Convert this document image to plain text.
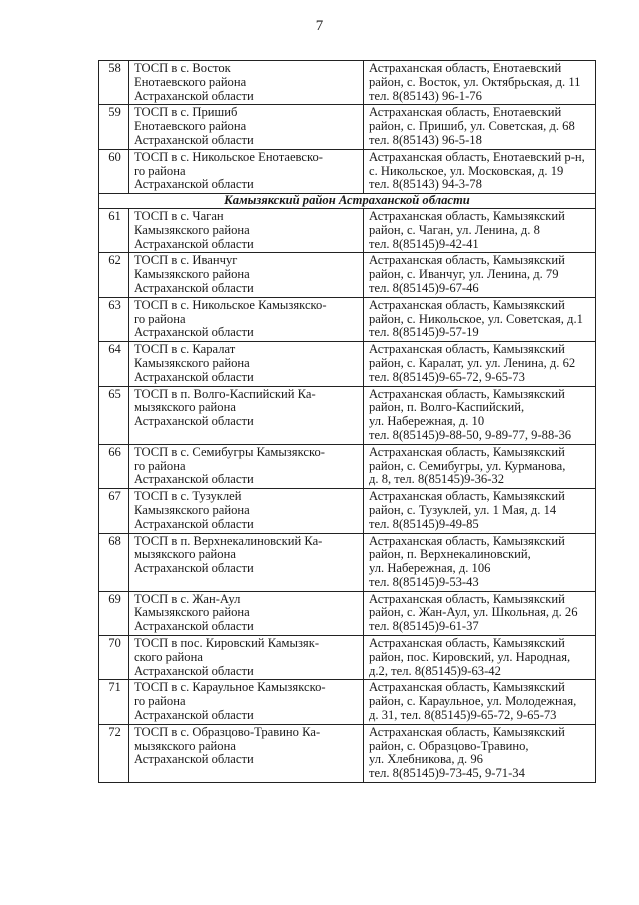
7
58	ТОСП в с. Восток
Енотаевского района
Астраханской области	Астраханская область, Енотаевский
район, с. Восток, ул. Октябрьская, д. 11
тел. 8(85143) 96-1-76

59	ТОСП в с. Пришиб
Енотаевского района
Астраханской области	Астраханская область, Енотаевский
район, с. Пришиб, ул. Советская, д. 68
тел. 8(85143) 96-5-18

60	ТОСП в с. Никольское Енотаевско-
го района
Астраханской области	Астраханская область, Енотаевский р-н,
с. Никольское, ул. Московская, д. 19
тел. 8(85143) 94-3-78

Камызякский район Астраханской области		
61	ТОСП в с. Чаган
Камызякского района
Астраханской области	Астраханская область, Камызякский
район, с. Чаган, ул. Ленина, д. 8
тел. 8(85145)9-42-41

62	ТОСП в с. Иванчуг
Камызякского района
Астраханской области	Астраханская область, Камызякский
район, с. Иванчуг, ул. Ленина, д. 79
тел. 8(85145)9-67-46

63	ТОСП в с. Никольское Камызякско-
го района
Астраханской области	Астраханская область, Камызякский
район, с. Никольское, ул. Советская, д.1
тел. 8(85145)9-57-19

64	ТОСП в с. Каралат
Камызякского района
Астраханской области	Астраханская область, Камызякский
район, с. Каралат, ул. ул. Ленина, д. 62
тел. 8(85145)9-65-72, 9-65-73

65	ТОСП в п. Волго-Каспийский Ка-
мызякского района
Астраханской области	Астраханская область, Камызякский
район, п. Волго-Каспийский,
ул. Набережная, д. 10
тел. 8(85145)9-88-50, 9-89-77, 9-88-36

66	ТОСП в с. Семибугры Камызякско-
го района
Астраханской области	Астраханская область, Камызякский
район, с. Семибугры, ул. Курманова,
д. 8, тел. 8(85145)9-36-32

67	ТОСП в с. Тузуклей
Камызякского района
Астраханской области	Астраханская область, Камызякский
район, с. Тузуклей, ул. 1 Мая, д. 14
тел. 8(85145)9-49-85

68	ТОСП в п. Верхнекалиновский Ка-
мызякского района
Астраханской области	Астраханская область, Камызякский
район, п. Верхнекалиновский,
ул. Набережная, д. 106
тел. 8(85145)9-53-43

69	ТОСП в с. Жан-Аул
Камызякского района
Астраханской области	Астраханская область, Камызякский
район, с. Жан-Аул, ул. Школьная, д. 26
тел. 8(85145)9-61-37

70	ТОСП в пос. Кировский Камызяк-
ского района
Астраханской области	Астраханская область, Камызякский
район, пос. Кировский, ул. Народная,
д.2, тел. 8(85145)9-63-42

71	ТОСП в с. Караульное Камызякско-
го района
Астраханской области	Астраханская область, Камызякский
район, с. Караульное, ул. Молодежная,
д. 31, тел. 8(85145)9-65-72, 9-65-73

72	ТОСП в с. Образцово-Травино Ка-
мызякского района
Астраханской области	Астраханская область, Камызякский
район, с. Образцово-Травино,
ул. Хлебникова, д. 96
тел. 8(85145)9-73-45, 9-71-34
